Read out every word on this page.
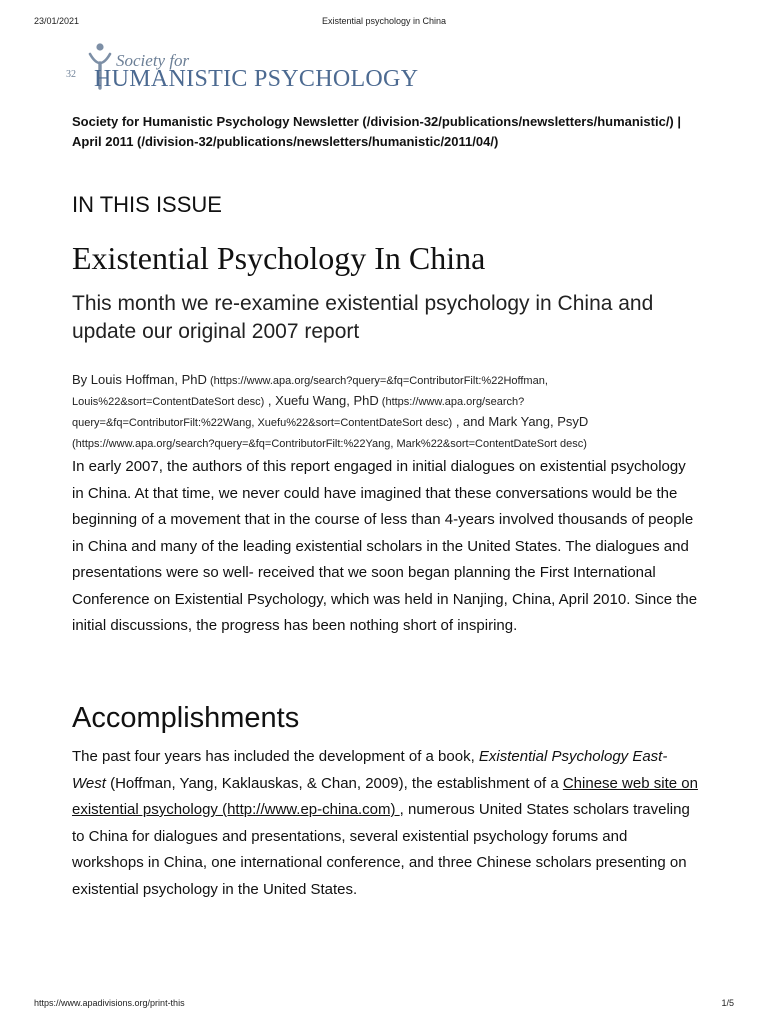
23/01/2021	Existential psychology in China
32
Society for
HUMANISTIC PSYCHOLOGY
Society for Humanistic Psychology Newsletter (/division-32/publications/newsletters/humanistic/) | April 2011 (/division-32/publications/newsletters/humanistic/2011/04/)
IN THIS ISSUE
Existential Psychology In China
This month we re-examine existential psychology in China and update our original 2007 report
By Louis Hoffman, PhD (https://www.apa.org/search?query=&fq=ContributorFilt:%22Hoffman, Louis%22&sort=ContentDateSort desc) , Xuefu Wang, PhD (https://www.apa.org/search?query=&fq=ContributorFilt:%22Wang, Xuefu%22&sort=ContentDateSort desc) , and Mark Yang, PsyD (https://www.apa.org/search?query=&fq=ContributorFilt:%22Yang, Mark%22&sort=ContentDateSort desc)

In early 2007, the authors of this report engaged in initial dialogues on existential psychology in China. At that time, we never could have imagined that these conversations would be the beginning of a movement that in the course of less than 4-years involved thousands of people in China and many of the leading existential scholars in the United States. The dialogues and presentations were so well- received that we soon began planning the First International Conference on Existential Psychology, which was held in Nanjing, China, April 2010. Since the initial discussions, the progress has been nothing short of inspiring.

Accomplishments

The past four years has included the development of a book, Existential Psychology East-West (Hoffman, Yang, Kaklauskas, & Chan, 2009), the establishment of a Chinese web site on existential psychology (http://www.ep-china.com) , numerous United States scholars traveling to China for dialogues and presentations, several existential psychology forums and workshops in China, one international conference, and three Chinese scholars presenting on existential psychology in the United States.

https://www.apadivisions.org/print-this	1/5
